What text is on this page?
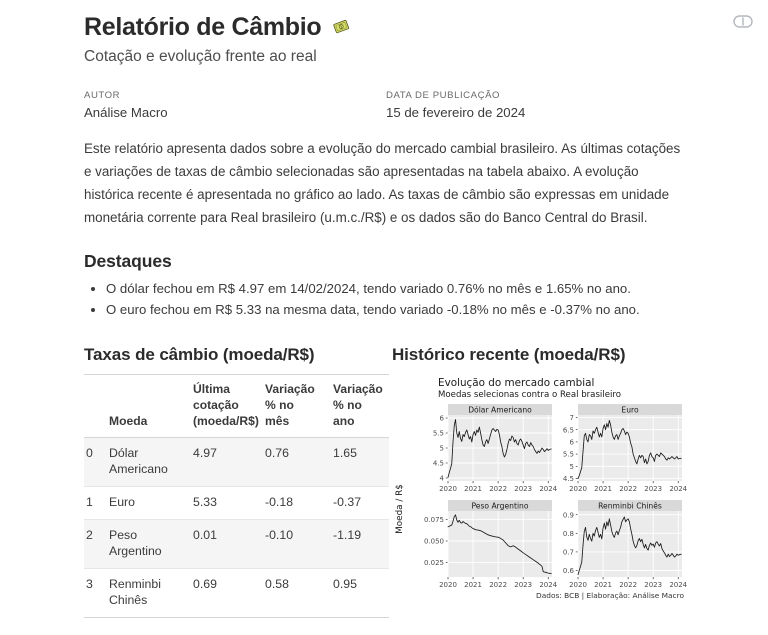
Relatório de Câmbio

Cotação e evolução frente ao real

AUTOR
Análise Macro
DATA DE PUBLICAÇÃO
15 de fevereiro de 2024

Este relatório apresenta dados sobre a evolução do mercado cambial brasileiro. As últimas cotações e variações de taxas de câmbio selecionadas são apresentadas na tabela abaixo. A evolução histórica recente é apresentada no gráfico ao lado. As taxas de câmbio são expressas em unidade monetária corrente para Real brasileiro (u.m.c./R$) e os dados são do Banco Central do Brasil.

Destaques
• O dólar fechou em R$ 4.97 em 14/02/2024, tendo variado 0.76% no mês e 1.65% no ano.
• O euro fechou em R$ 5.33 na mesma data, tendo variado -0.18% no mês e -0.37% no ano.
Taxas de câmbio (moeda/R$)
	Moeda	Última
cotação
(moeda/R$)	Variação
% no mês	Variação
% no ano
0	Dólar Americano	4.97	0.76	1.65
1	Euro	5.33	-0.18	-0.37
2	Peso Argentino	0.01	-0.10	-1.19
3	Renminbi Chinês	0.69	0.58	0.95
Histórico recente (moeda/R$)
Evolução do mercado cambial
Moedas selecionas contra o Real brasileiro
Moeda / R$
Dólar Americano
4
4.5
5
5.5
6
2020 2021 2022 2023 2024
Euro
4.5
5
5.5
6
6.5
7
2020 2021 2022 2023 2024
Peso Argentino
0.025
0.050
0.075
2020 2021 2022 2023 2024
Renminbi Chinês
0.6
0.7
0.8
0.9
2020 2021 2022 2023 2024
Dados: BCB | Elaboração: Análise Macro
